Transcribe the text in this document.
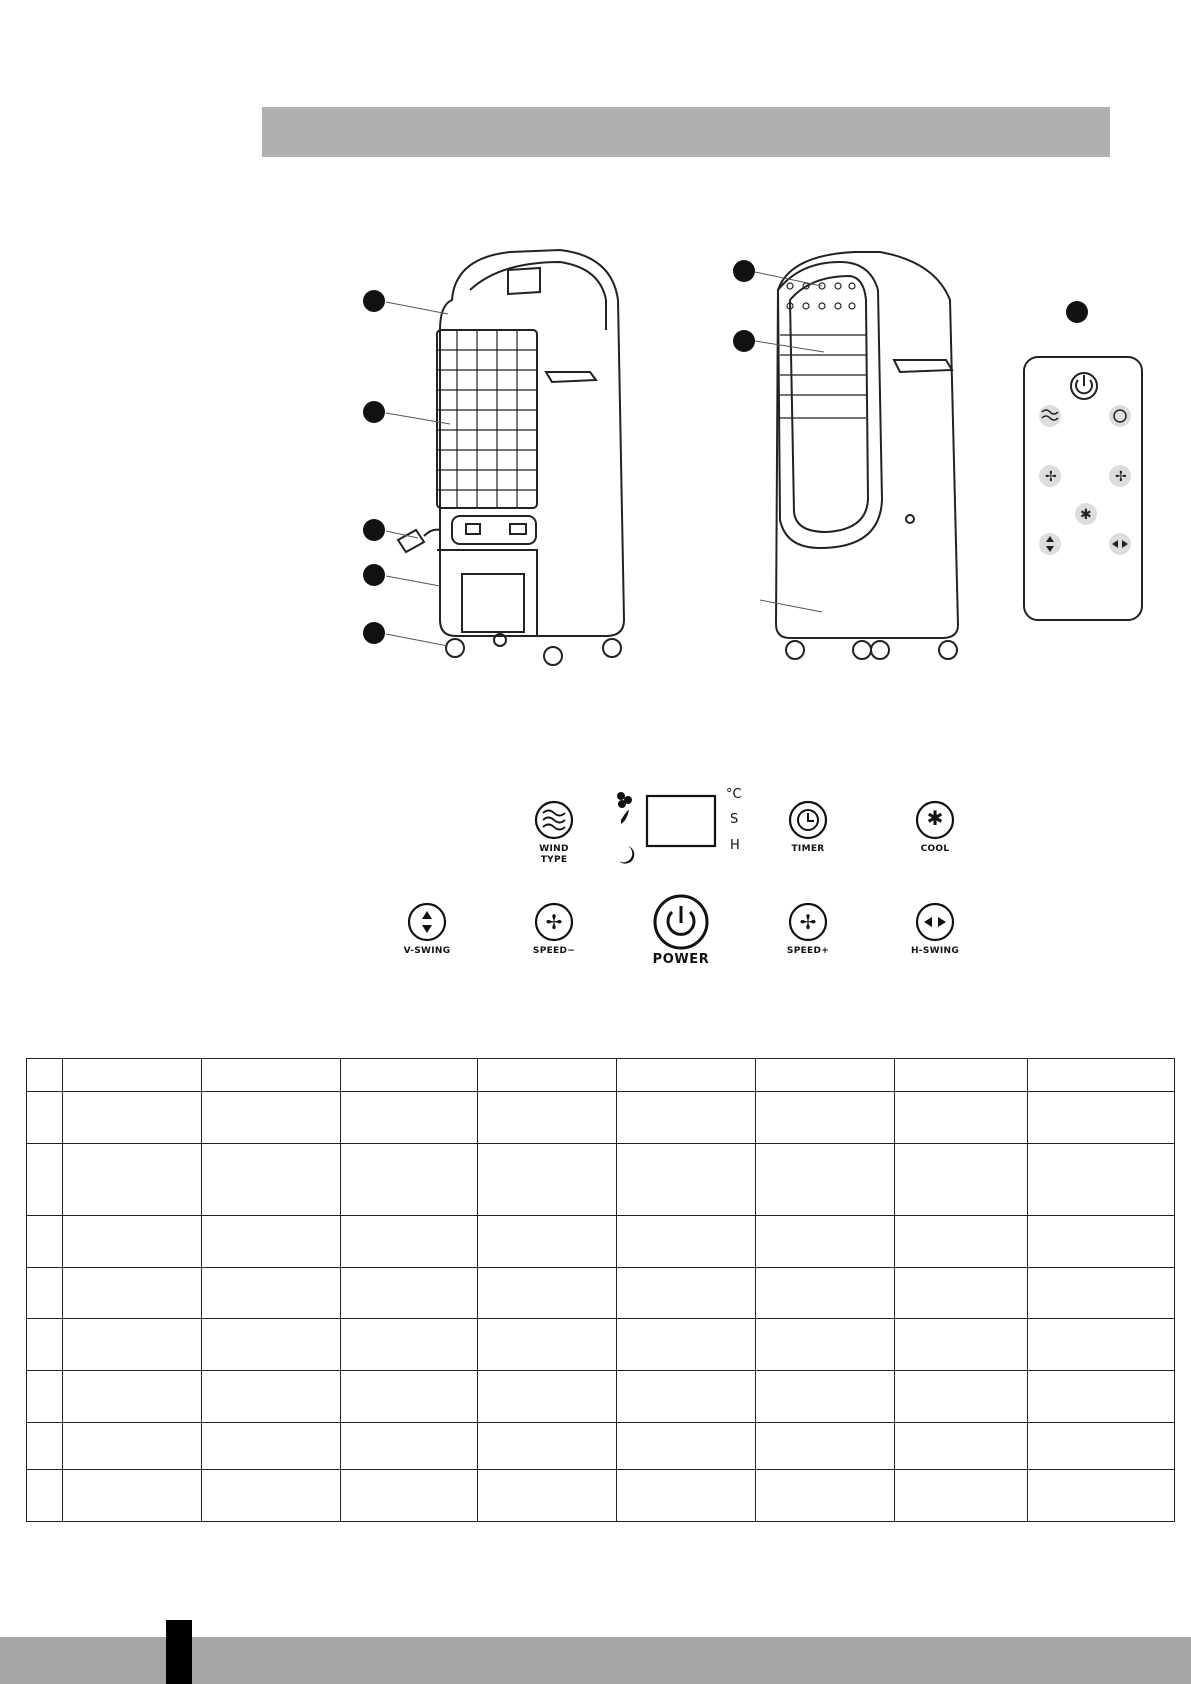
✢	✢
✱
✱
✢	✢
°C
S
H
WIND TYPE
TIMER	COOL
V-SWING	SPEED−
POWER
SPEED+	H-SWING
